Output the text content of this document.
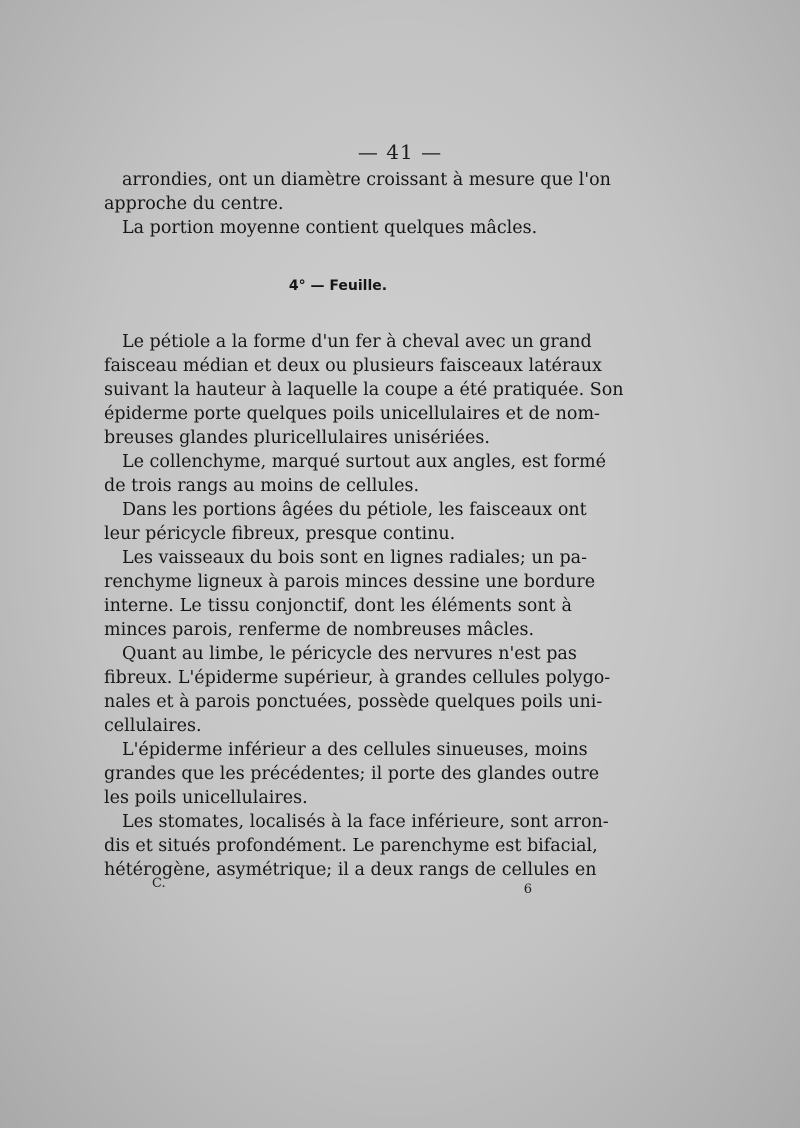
— 41 —
arrondies, ont un diamètre croissant à mesure que l'on
approche du centre.
La portion moyenne contient quelques mâcles.
4° — Feuille.
Le pétiole a la forme d'un fer à cheval avec un grand
faisceau médian et deux ou plusieurs faisceaux latéraux
suivant la hauteur à laquelle la coupe a été pratiquée. Son
épiderme porte quelques poils unicellulaires et de nom-
breuses glandes pluricellulaires unisériées.
Le collenchyme, marqué surtout aux angles, est formé
de trois rangs au moins de cellules.
Dans les portions âgées du pétiole, les faisceaux ont
leur péricycle fibreux, presque continu.
Les vaisseaux du bois sont en lignes radiales; un pa-
renchyme ligneux à parois minces dessine une bordure
interne. Le tissu conjonctif, dont les éléments sont à
minces parois, renferme de nombreuses mâcles.
Quant au limbe, le péricycle des nervures n'est pas
fibreux. L'épiderme supérieur, à grandes cellules polygo-
nales et à parois ponctuées, possède quelques poils uni-
cellulaires.
L'épiderme inférieur a des cellules sinueuses, moins
grandes que les précédentes; il porte des glandes outre
les poils unicellulaires.
Les stomates, localisés à la face inférieure, sont arron-
dis et situés profondément. Le parenchyme est bifacial,
hétérogène, asymétrique; il a deux rangs de cellules en
C.	6
